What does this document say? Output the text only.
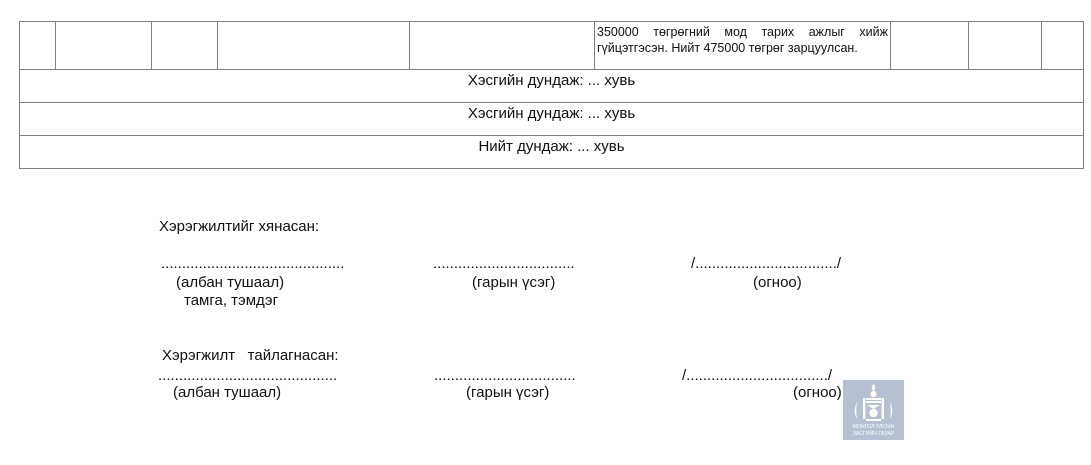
350000 төгрөгний мод тарих ажлыг хийж
гүйцэтгэсэн. Нийт 475000 төгрөг зарцуулсан.

Хэсгийн дундаж: ... хувь
Хэсгийн дундаж: ... хувь
Нийт дундаж: ... хувь
Хэрэгжилтийг хянасан:
............................................
(албан тушаал)
тамга, тэмдэг
..................................
(гарын үсэг)
/................................../
(огноо)
Хэрэгжилт   тайлагнасан:
...........................................
(албан тушаал)
..................................
(гарын үсэг)
/................................../
(огноо)
МОНГОЛ УЛСЫН
ЗАСГИЙН ГАЗАР
